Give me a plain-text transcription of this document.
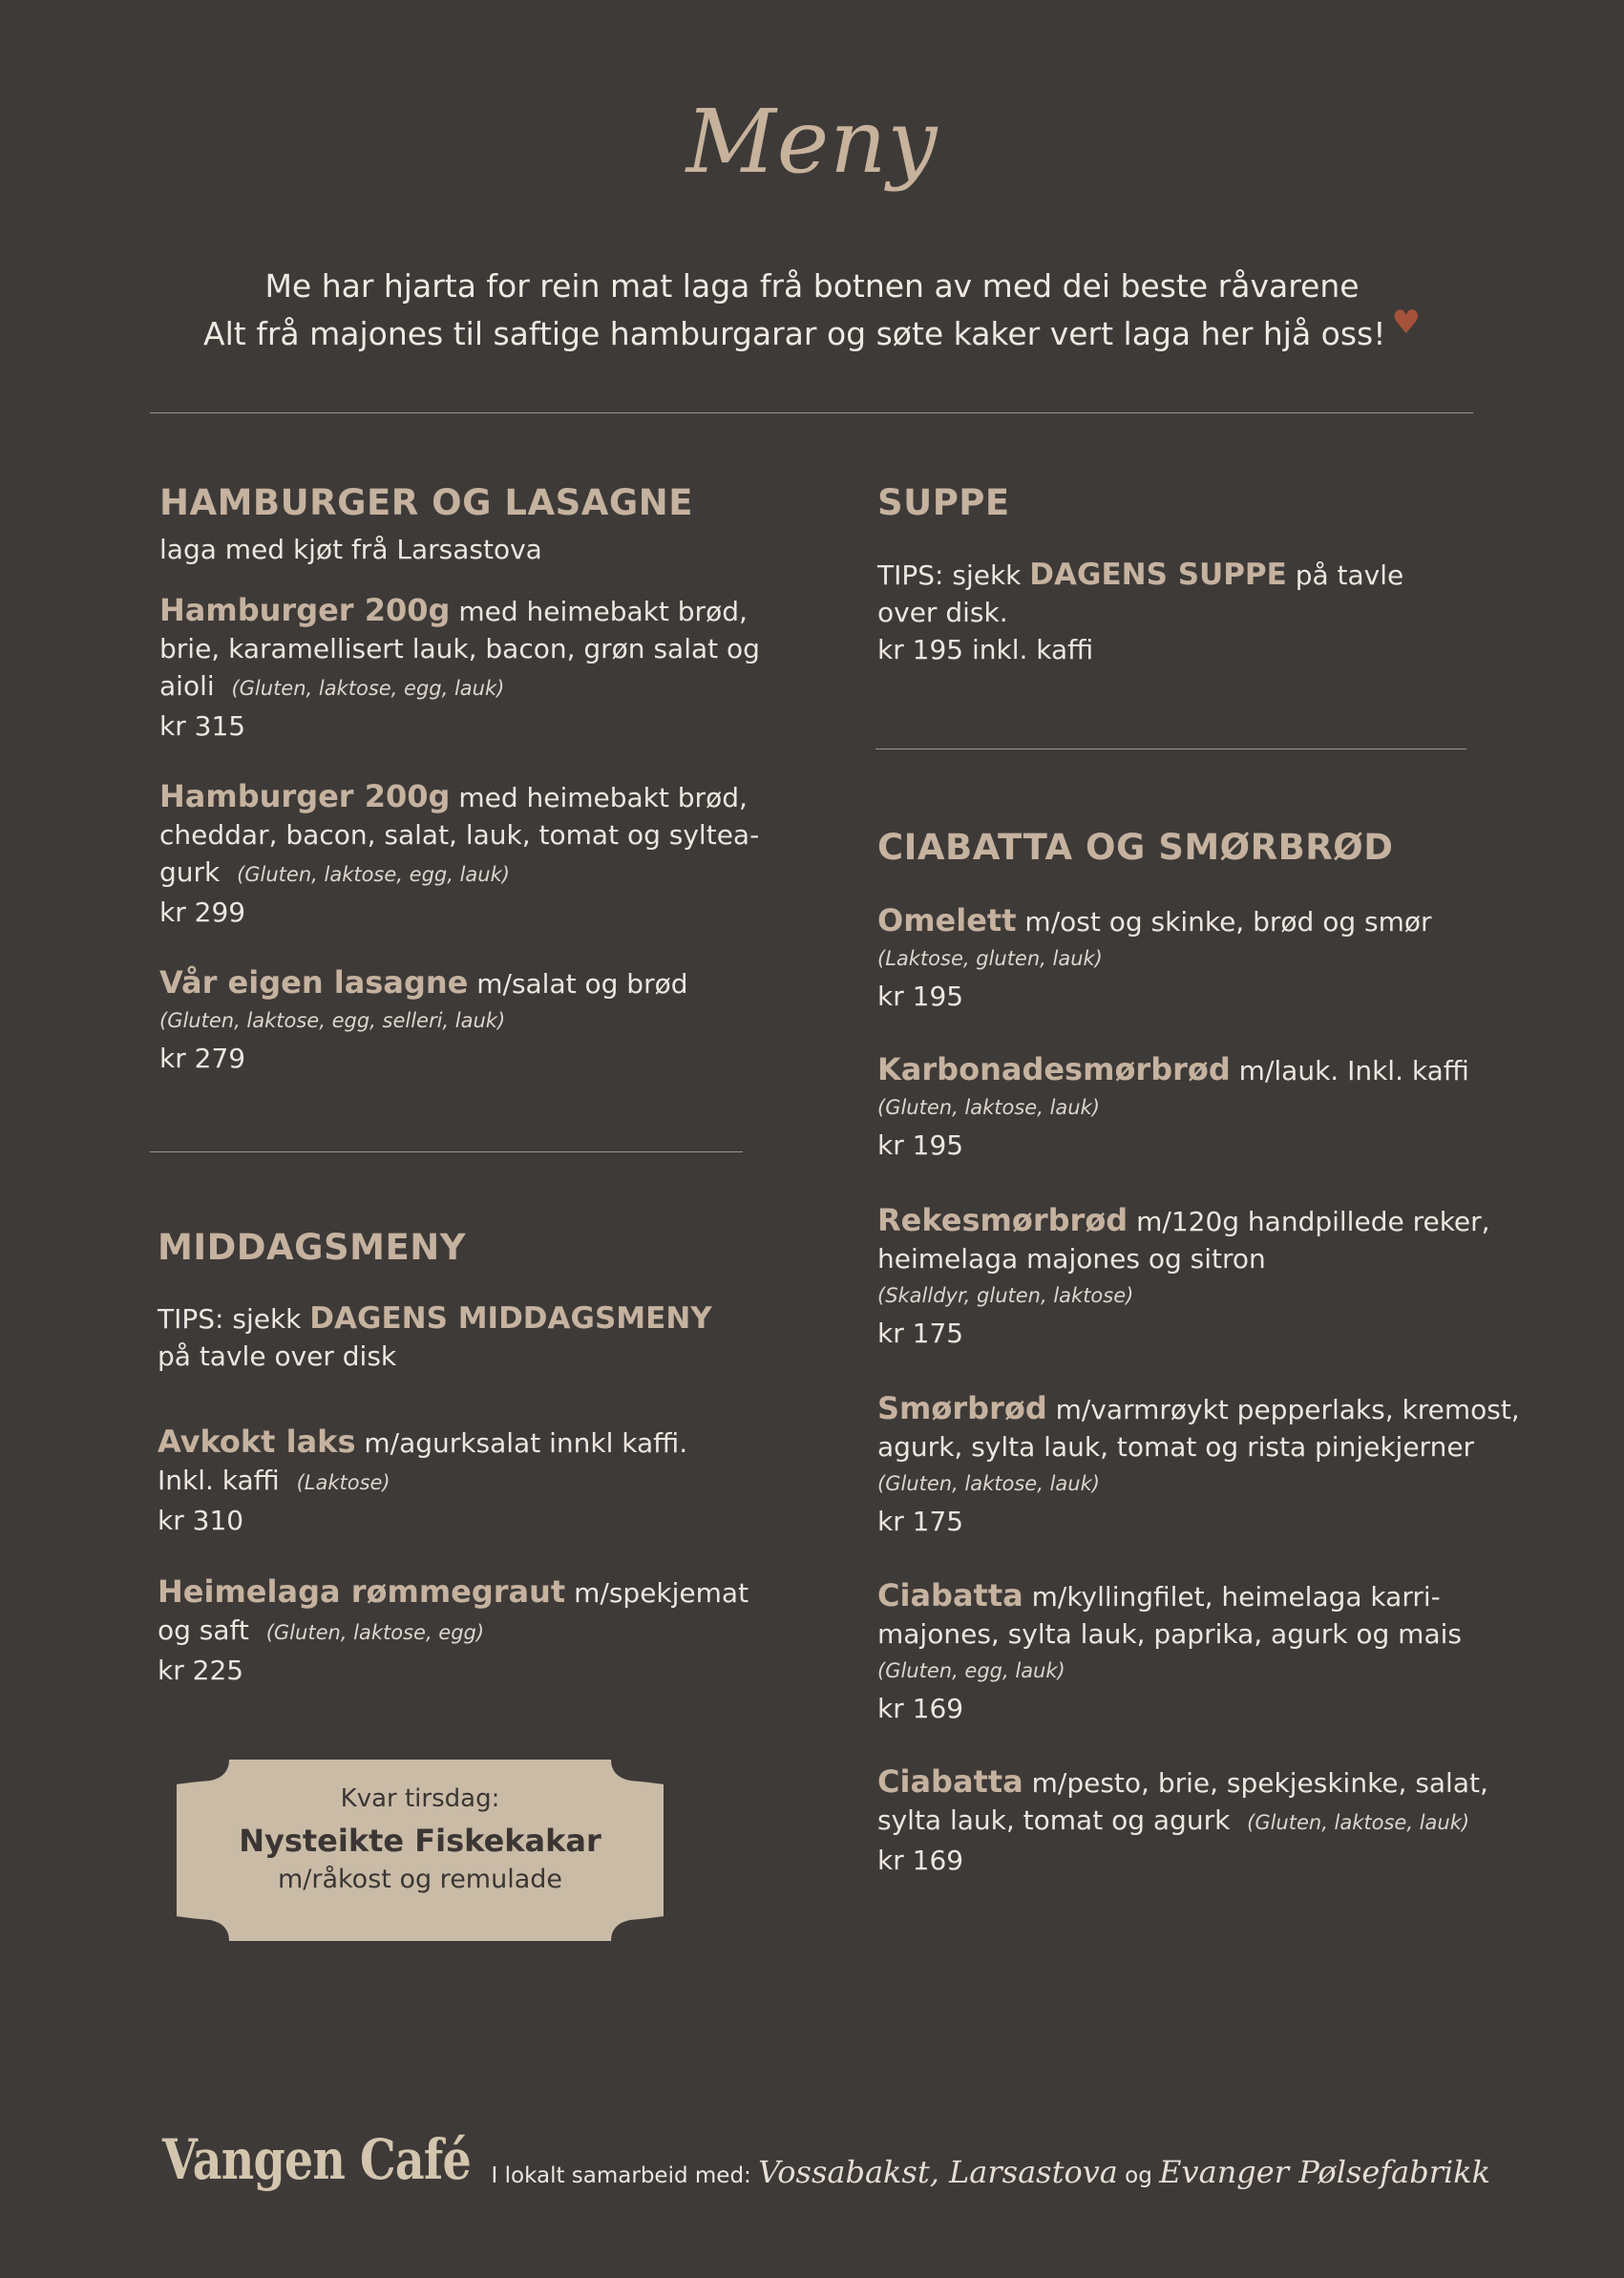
Meny
Me har hjarta for rein mat laga frå botnen av med dei beste råvarene
Alt frå majones til saftige hamburgarar og søte kaker vert laga her hjå oss! ♥
HAMBURGER OG LASAGNE
laga med kjøt frå Larsastova
Hamburger 200g med heimebakt brød,
brie, karamellisert lauk, bacon, grøn salat og
aioli (Gluten, laktose, egg, lauk)
kr 315
Hamburger 200g med heimebakt brød,
cheddar, bacon, salat, lauk, tomat og syltea-
gurk (Gluten, laktose, egg, lauk)
kr 299
Vår eigen lasagne m/salat og brød
(Gluten, laktose, egg, selleri, lauk)
kr 279
MIDDAGSMENY
TIPS: sjekk DAGENS MIDDAGSMENY
på tavle over disk
Avkokt laks m/agurksalat innkl kaffi.
Inkl. kaffi (Laktose)
kr 310
Heimelaga rømmegraut m/spekjemat
og saft (Gluten, laktose, egg)
kr 225
Kvar tirsdag:
Nysteikte Fiskekakar
m/råkost og remulade
SUPPE
TIPS: sjekk DAGENS SUPPE på tavle
over disk.
kr 195 inkl. kaffi
CIABATTA OG SMØRBRØD
Omelett m/ost og skinke, brød og smør
(Laktose, gluten, lauk)
kr 195
Karbonadesmørbrød m/lauk. Inkl. kaffi
(Gluten, laktose, lauk)
kr 195
Rekesmørbrød m/120g handpillede reker,
heimelaga majones og sitron
(Skalldyr, gluten, laktose)
kr 175
Smørbrød m/varmrøykt pepperlaks, kremost,
agurk, sylta lauk, tomat og rista pinjekjerner
(Gluten, laktose, lauk)
kr 175
Ciabatta m/kyllingfilet, heimelaga karri-
majones, sylta lauk, paprika, agurk og mais
(Gluten, egg, lauk)
kr 169
Ciabatta m/pesto, brie, spekjeskinke, salat,
sylta lauk, tomat og agurk (Gluten, laktose, lauk)
kr 169
Vangen Café I lokalt samarbeid med: Vossabakst, Larsastova og Evanger Pølsefabrikk
